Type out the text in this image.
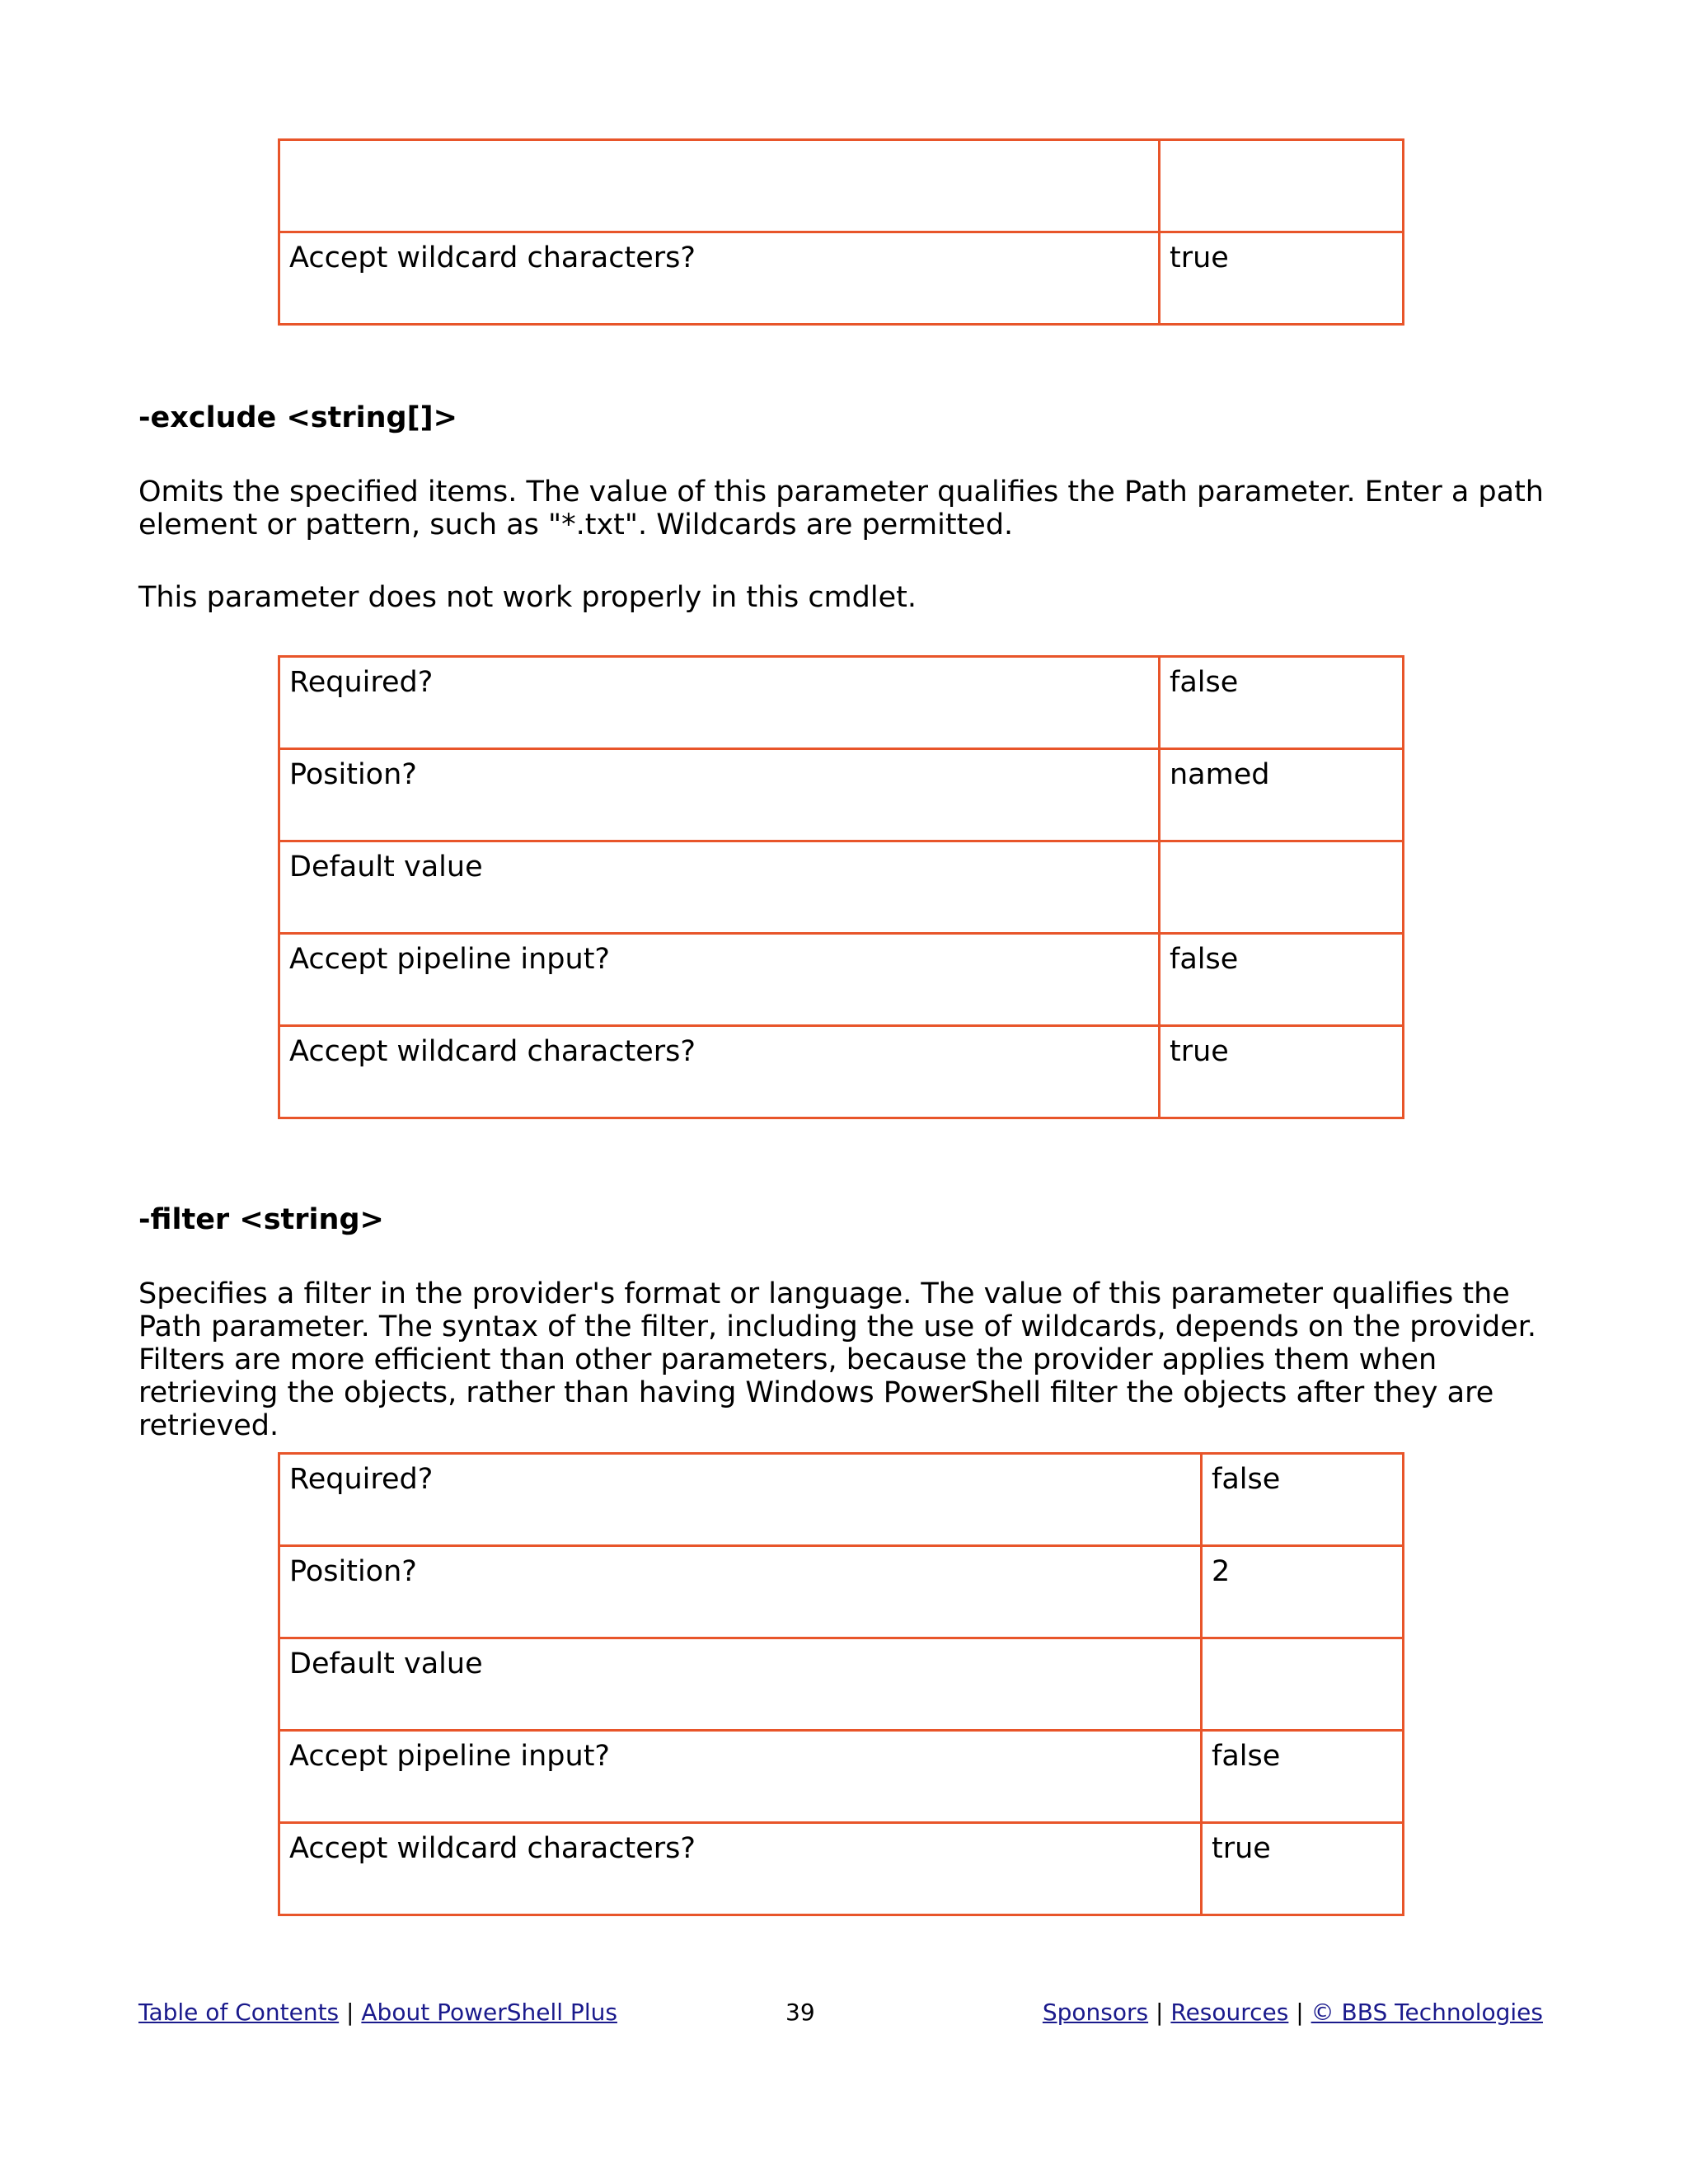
Accept wildcard characters?	true
-exclude <string[]>

Omits the specified items. The value of this parameter qualifies the Path parameter. Enter a path element or pattern, such as "*.txt". Wildcards are permitted.

This parameter does not work properly in this cmdlet.

Required?	false

Position?	named

Default value	

Accept pipeline input?	false

Accept wildcard characters?	true
-filter <string>

Specifies a filter in the provider's format or language. The value of this parameter qualifies the Path parameter. The syntax of the filter, including the use of wildcards, depends on the provider. Filters are more efficient than other parameters, because the provider applies them when retrieving the objects, rather than having Windows PowerShell filter the objects after they are retrieved.

Required?	false

Position?	2

Default value	

Accept pipeline input?	false

Accept wildcard characters?	true
Table of Contents | About PowerShell Plus	39	Sponsors | Resources | © BBS Technologies
